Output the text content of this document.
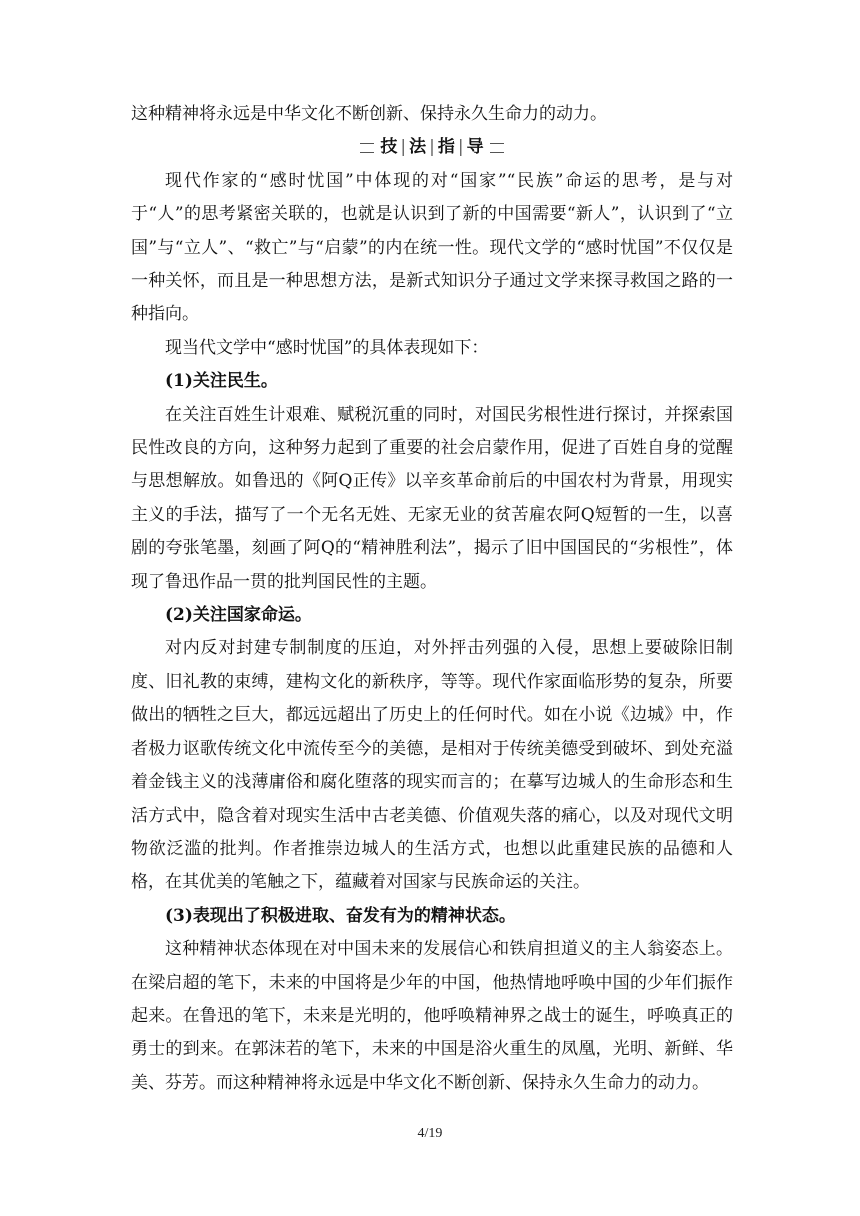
这种精神将永远是中华文化不断创新、保持永久生命力的动力。

技 | 法 | 指 | 导

现代作家的“感时忧国”中体现的对“国家”“民族”命运的思考，是与对于“人”的思考紧密关联的，也就是认识到了新的中国需要“新人”，认识到了“立国”与“立人”、“救亡”与“启蒙”的内在统一性。现代文学的“感时忧国”不仅仅是一种关怀，而且是一种思想方法，是新式知识分子通过文学来探寻救国之路的一种指向。

现当代文学中“感时忧国”的具体表现如下：

(1)关注民生。

在关注百姓生计艰难、赋税沉重的同时，对国民劣根性进行探讨，并探索国民性改良的方向，这种努力起到了重要的社会启蒙作用，促进了百姓自身的觉醒与思想解放。如鲁迅的《阿Q正传》以辛亥革命前后的中国农村为背景，用现实主义的手法，描写了一个无名无姓、无家无业的贫苦雇农阿Q短暂的一生，以喜剧的夸张笔墨，刻画了阿Q的“精神胜利法”，揭示了旧中国国民的“劣根性”，体现了鲁迅作品一贯的批判国民性的主题。

(2)关注国家命运。

对内反对封建专制制度的压迫，对外抨击列强的入侵，思想上要破除旧制度、旧礼教的束缚，建构文化的新秩序，等等。现代作家面临形势的复杂，所要做出的牺牲之巨大，都远远超出了历史上的任何时代。如在小说《边城》中，作者极力讴歌传统文化中流传至今的美德，是相对于传统美德受到破坏、到处充溢着金钱主义的浅薄庸俗和腐化堕落的现实而言的；在摹写边城人的生命形态和生活方式中，隐含着对现实生活中古老美德、价值观失落的痛心，以及对现代文明物欲泛滥的批判。作者推崇边城人的生活方式，也想以此重建民族的品德和人格，在其优美的笔触之下，蕴藏着对国家与民族命运的关注。

(3)表现出了积极进取、奋发有为的精神状态。

这种精神状态体现在对中国未来的发展信心和铁肩担道义的主人翁姿态上。在梁启超的笔下，未来的中国将是少年的中国，他热情地呼唤中国的少年们振作起来。在鲁迅的笔下，未来是光明的，他呼唤精神界之战士的诞生，呼唤真正的勇士的到来。在郭沫若的笔下，未来的中国是浴火重生的凤凰，光明、新鲜、华美、芬芳。而这种精神将永远是中华文化不断创新、保持永久生命力的动力。

4/19
